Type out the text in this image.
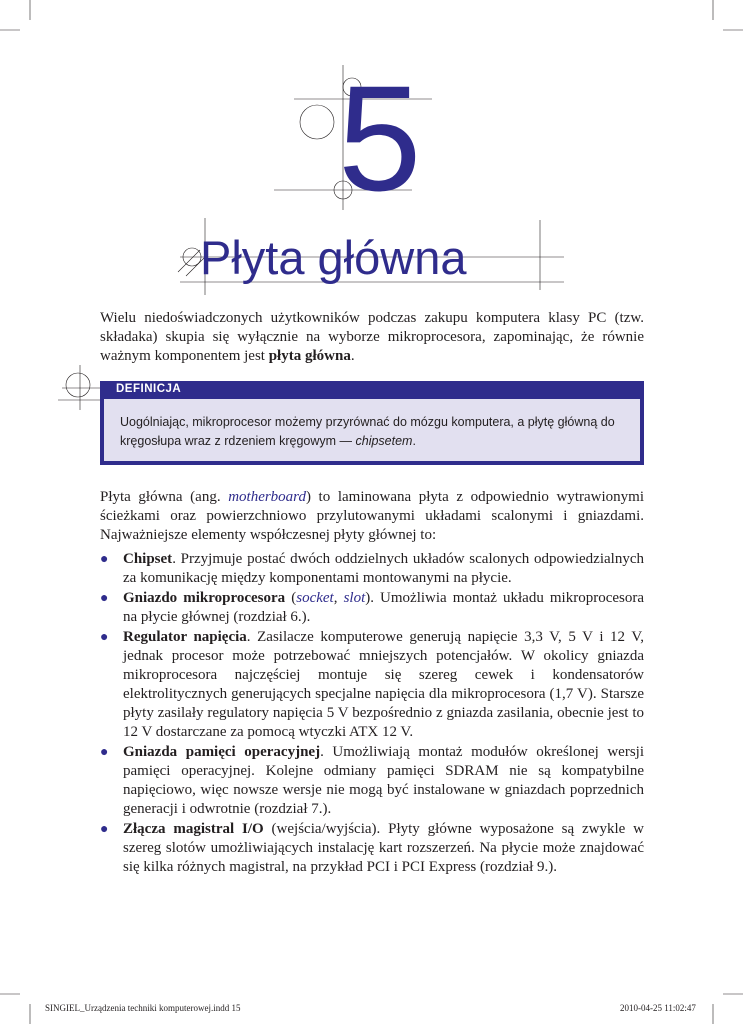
5
Płyta główna

Wielu niedoświadczonych użytkowników podczas zakupu komputera klasy PC (tzw. składaka) skupia się wyłącznie na wyborze mikroprocesora, zapominając, że równie ważnym komponentem jest płyta główna.

DEFINICJA

Uogólniając, mikroprocesor możemy przyrównać do mózgu komputera, a płytę główną do kręgosłupa wraz z rdzeniem kręgowym — chipsetem.

Płyta główna (ang. motherboard) to laminowana płyta z odpowiednio wytrawionymi ścieżkami oraz powierzchniowo przylutowanymi układami scalonymi i gniazdami. Najważniejsze elementy współczesnej płyty głównej to:

● Chipset. Przyjmuje postać dwóch oddzielnych układów scalonych odpowiedzialnych za komunikację między komponentami montowanymi na płycie.
● Gniazdo mikroprocesora (socket, slot). Umożliwia montaż układu mikroprocesora na płycie głównej (rozdział 6.).
● Regulator napięcia. Zasilacze komputerowe generują napięcie 3,3 V, 5 V i 12 V, jednak procesor może potrzebować mniejszych potencjałów. W okolicy gniazda mikroprocesora najczęściej montuje się szereg cewek i kondensatorów elektrolitycznych generujących specjalne napięcia dla mikroprocesora (1,7 V). Starsze płyty zasilały regulatory napięcia 5 V bezpośrednio z gniazda zasilania, obecnie jest to 12 V dostarczane za pomocą wtyczki ATX 12 V.
● Gniazda pamięci operacyjnej. Umożliwiają montaż modułów określonej wersji pamięci operacyjnej. Kolejne odmiany pamięci SDRAM nie są kompatybilne napięciowo, więc nowsze wersje nie mogą być instalowane w gniazdach poprzednich generacji i odwrotnie (rozdział 7.).
● Złącza magistral I/O (wejścia/wyjścia). Płyty główne wyposażone są zwykle w szereg slotów umożliwiających instalację kart rozszerzeń. Na płycie może znajdować się kilka różnych magistral, na przykład PCI i PCI Express (rozdział 9.).
SINGIEL_Urządzenia techniki komputerowej.indd 15	2010-04-25 11:02:47
